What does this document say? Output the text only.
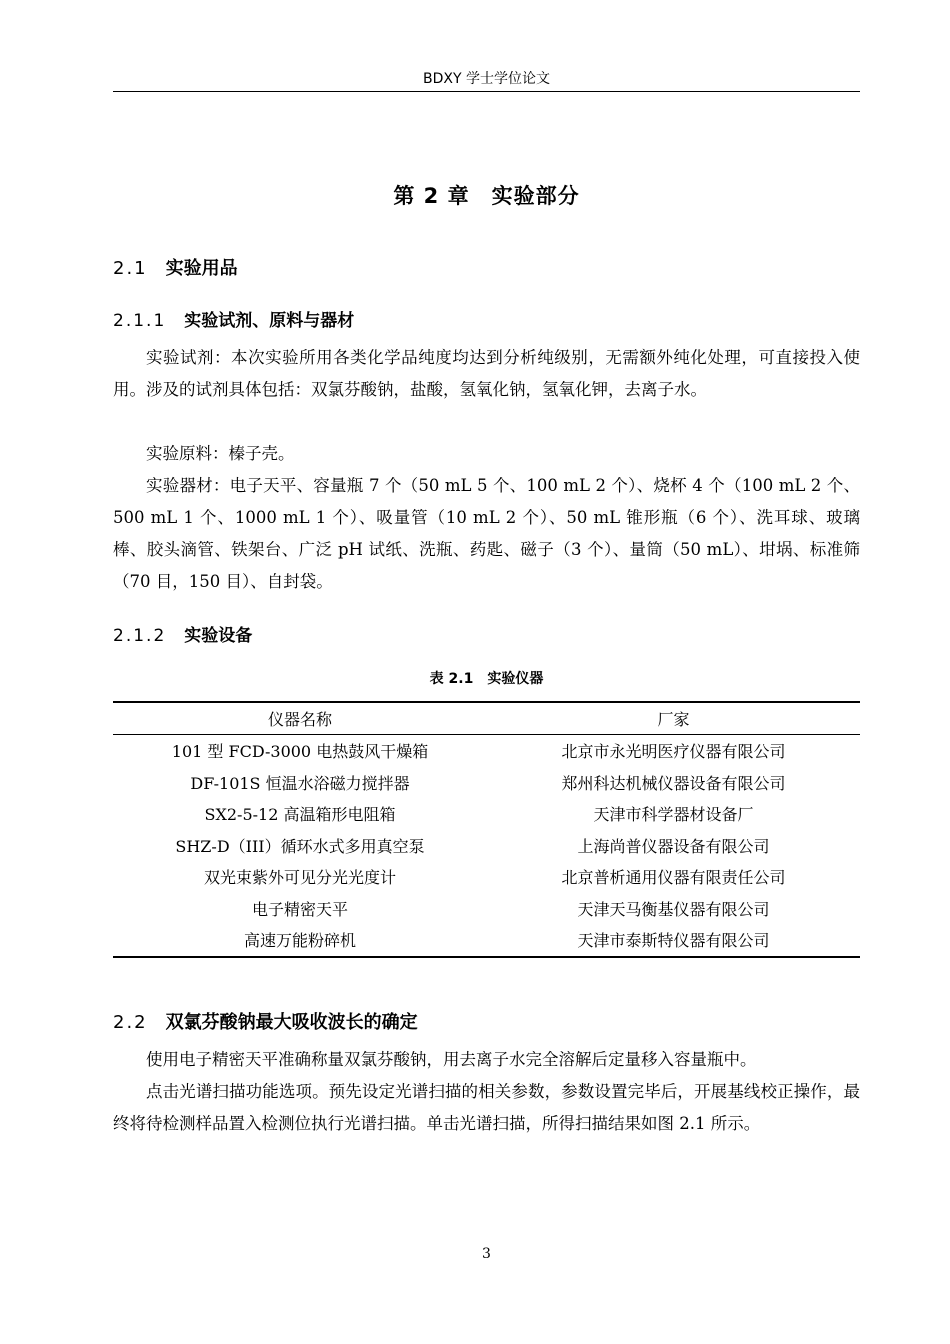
BDXY 学士学位论文
第 2 章　实验部分
2.1 实验用品
2.1.1 实验试剂、原料与器材

实验试剂：本次实验所用各类化学品纯度均达到分析纯级别，无需额外纯化处理，可直接投入使用。涉及的试剂具体包括：双氯芬酸钠，盐酸，氢氧化钠，氢氧化钾，去离子水。

实验原料：榛子壳。

实验器材：电子天平、容量瓶 7 个（50 mL 5 个、100 mL 2 个）、烧杯 4 个（100 mL 2 个、500 mL 1 个、1000 mL 1 个）、吸量管（10 mL 2 个）、50 mL 锥形瓶（6 个）、洗耳球、玻璃棒、胶头滴管、铁架台、广泛 pH 试纸、洗瓶、药匙、磁子（3 个）、量筒（50 mL）、坩埚、标准筛（70 目，150 目）、自封袋。

2.1.2 实验设备
表 2.1　实验仪器
仪器名称	厂家
101 型 FCD-3000 电热鼓风干燥箱	北京市永光明医疗仪器有限公司
DF-101S 恒温水浴磁力搅拌器	郑州科达机械仪器设备有限公司
SX2-5-12 高温箱形电阻箱	天津市科学器材设备厂
SHZ-D（III）循环水式多用真空泵	上海尚普仪器设备有限公司
双光束紫外可见分光光度计	北京普析通用仪器有限责任公司
电子精密天平	天津天马衡基仪器有限公司
高速万能粉碎机	天津市泰斯特仪器有限公司
2.2 双氯芬酸钠最大吸收波长的确定

使用电子精密天平准确称量双氯芬酸钠，用去离子水完全溶解后定量移入容量瓶中。

点击光谱扫描功能选项。预先设定光谱扫描的相关参数，参数设置完毕后，开展基线校正操作，最终将待检测样品置入检测位执行光谱扫描。单击光谱扫描，所得扫描结果如图 2.1 所示。

3
